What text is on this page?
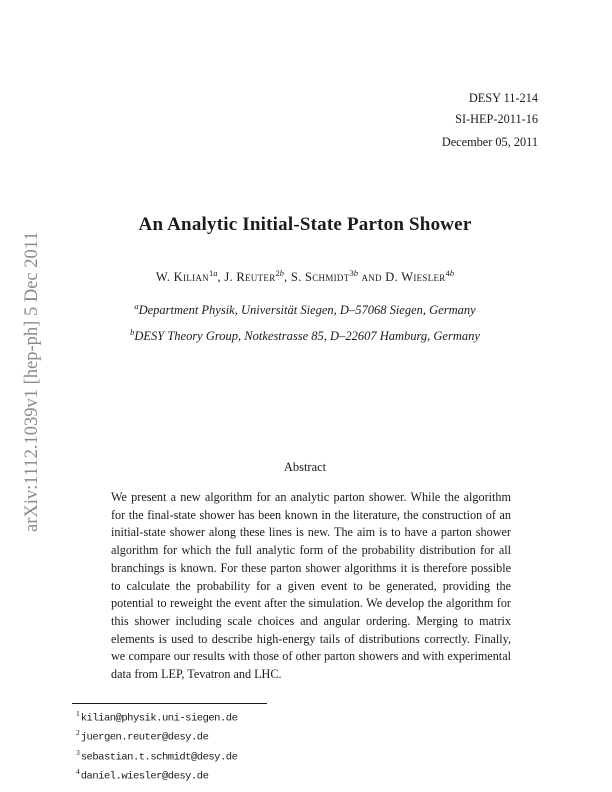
arXiv:1112.1039v1 [hep-ph] 5 Dec 2011
DESY 11-214
SI-HEP-2011-16
December 05, 2011
An Analytic Initial-State Parton Shower
W. Kilian$^{1a}$, J. Reuter$^{2b}$, S. Schmidt$^{3b}$ and D. Wiesler$^{4b}$
$^a$Department Physik, Universität Siegen, D–57068 Siegen, Germany
$^b$DESY Theory Group, Notkestrasse 85, D–22607 Hamburg, Germany
Abstract

We present a new algorithm for an analytic parton shower. While the algorithm for the final-state shower has been known in the literature, the construction of an initial-state shower along these lines is new. The aim is to have a parton shower algorithm for which the full analytic form of the probability distribution for all branchings is known. For these parton shower algorithms it is therefore possible to calculate the probability for a given event to be generated, providing the potential to reweight the event after the simulation. We develop the algorithm for this shower including scale choices and angular ordering. Merging to matrix elements is used to describe high-energy tails of distributions correctly. Finally, we compare our results with those of other parton showers and with experimental data from LEP, Tevatron and LHC.

$^1$kilian@physik.uni-siegen.de
$^2$juergen.reuter@desy.de
$^3$sebastian.t.schmidt@desy.de
$^4$daniel.wiesler@desy.de
